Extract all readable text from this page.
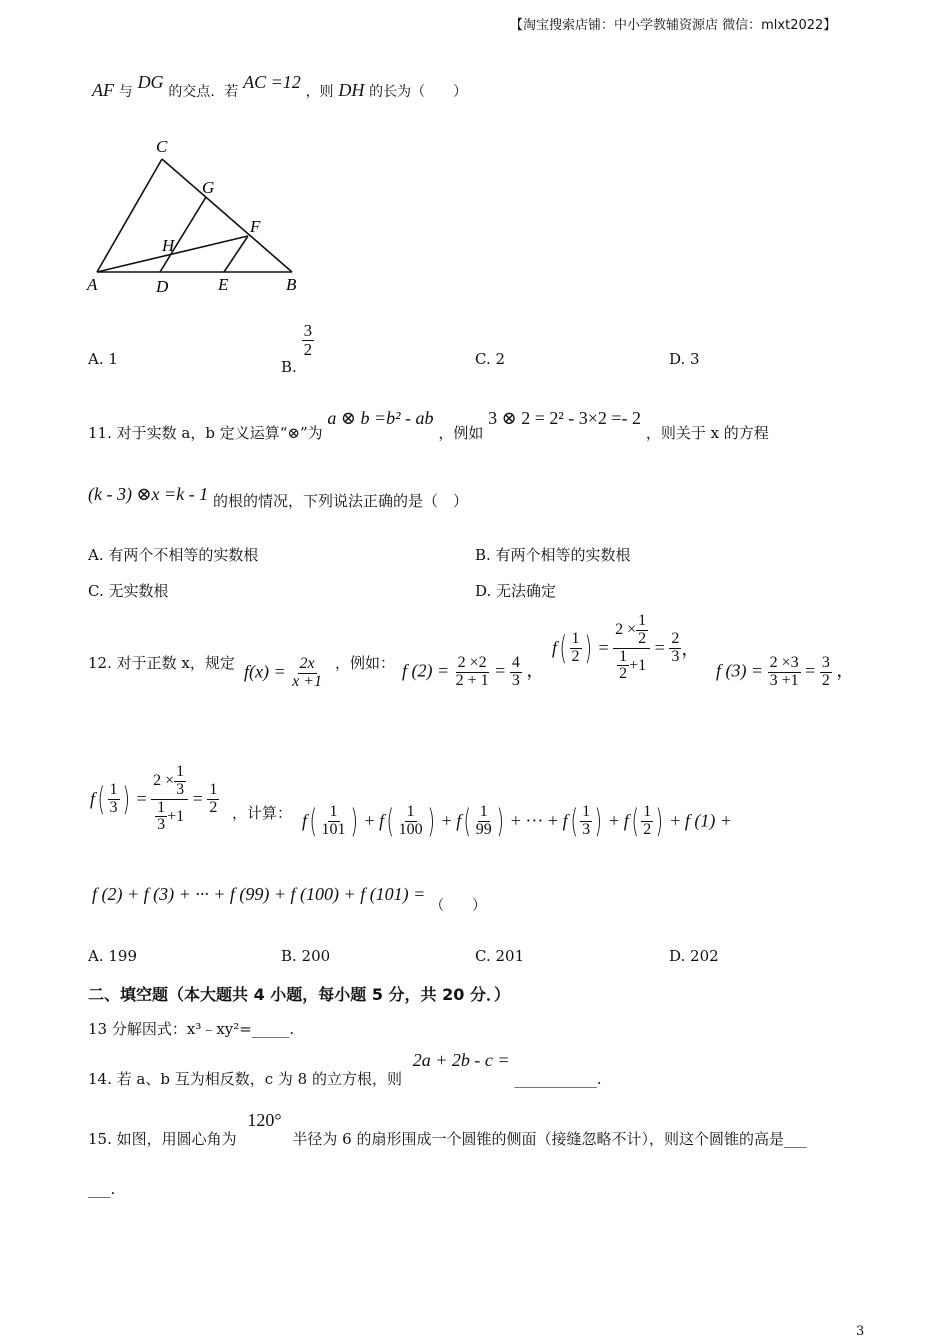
【淘宝搜索店铺：中小学教辅资源店 微信：mlxt2022】
AF 与 DG 的交点．若 AC =12 ，则 DH 的长为（　　）
C
G
F
H
A	D	E	B
A. 1	B.
$\frac{3}{2}$
C. 2	D. 3
11. 对于实数 a，b 定义运算“⊗”为 a ⊗ b =b² - ab ，例如 3 ⊗ 2 = 2² - 3×2 =- 2 ，则关于 x 的方程
(k - 3) ⊗x =k - 1 的根的情况，下列说法正确的是（　）
A. 有两个不相等的实数根	B. 有两个相等的实数根
C. 无实数根	D. 无法确定
12. 对于正数 x，规定 $f(x) = \frac{2x}{x +1}$ ，例如： f $(2) = \frac{2 \times 2}{2 + 1} = \frac{4}{3}$ ，
$f( \frac{1}{2}$ ) = $\frac{2 \times \frac{1}{2}}{\frac{1}{2} +1} = \frac{2}{3}$ ，
f $(3) = \frac{2 \times 3}{3 +1} = \frac{3}{2}$ ，
$f( \frac{1}{3}$ ) = $\frac{2 \times \frac{1}{3}}{\frac{1}{3} +1} = \frac{1}{2}$ ，计算： $f( \frac{1}{101}$ ) + $f( \frac{1}{100}$ ) + $f( \frac{1}{99}$ ) + ··· + $f( \frac{1}{3}$ ) + $f( \frac{1}{2}$ ) + f (1) +
f (2) + f (3) + ··· + f (99) + f (100) + f (101) = （　　）
A. 199	B. 200	C. 201	D. 202
二、填空题（本大题共 4 小题，每小题 5 分，共 20 分．）
13 分解因式：x³﹣xy²=_____.
14. 若 a、b 互为相反数，c 为 8 的立方根，则 2a + 2b - c = ___________.
15. 如图，用圆心角为 120° 半径为 6 的扇形围成一个圆锥的侧面（接缝忽略不计），则这个圆锥的高是___
___.
3
